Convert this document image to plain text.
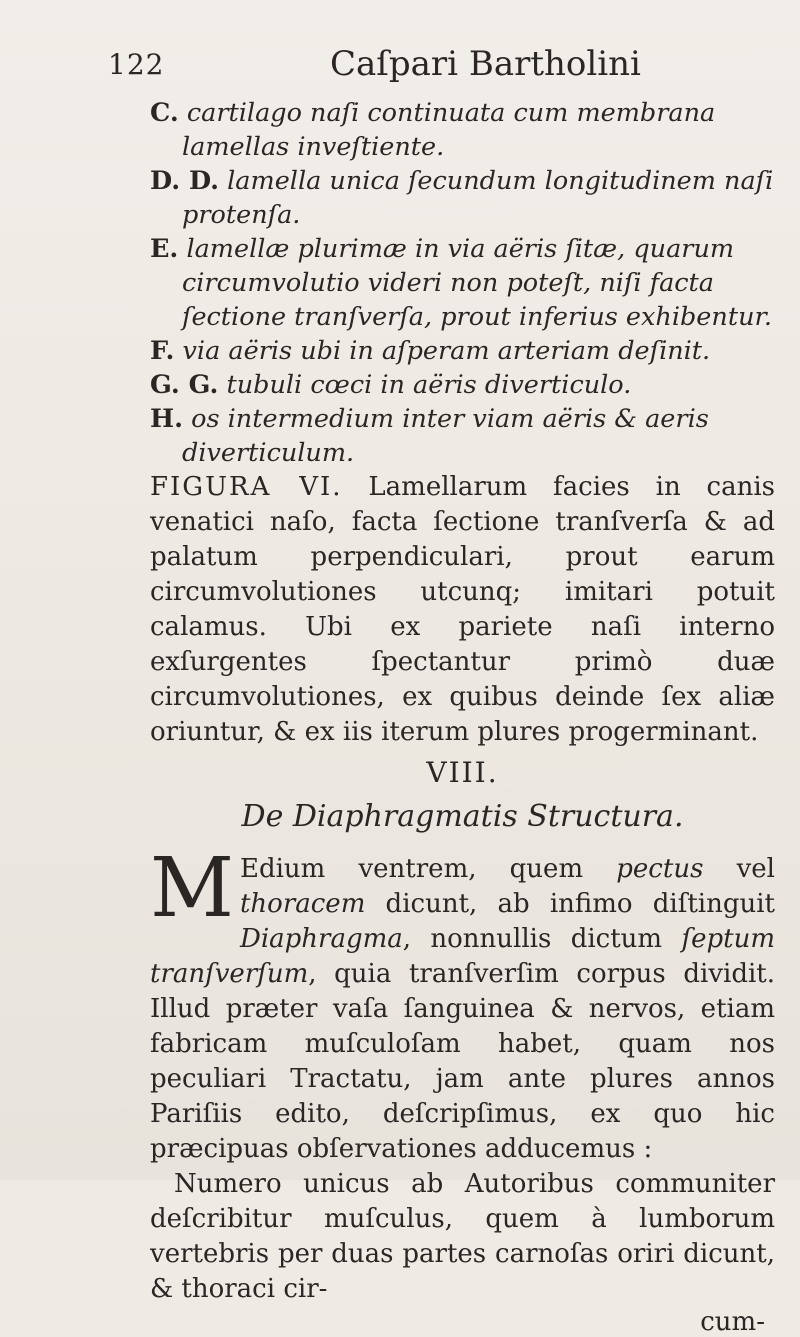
122	Caſpari Bartholini

C. cartilago naſi continuata cum membrana lamellas inveſtiente.

D. D. lamella unica ſecundum longitudinem naſi protenſa.

E. lamellæ plurimæ in via aëris ſitæ, quarum circumvolutio videri non poteſt, niſi facta ſectione tranſverſa, prout inferius exhibentur.

F. via aëris ubi in aſperam arteriam deſinit.

G. G. tubuli cœci in aëris diverticulo.

H. os intermedium inter viam aëris & aeris diverticulum.

FIGURA VI. Lamellarum facies in canis venatici naſo, facta ſectione tranſverſa & ad palatum perpendiculari, prout earum circumvolutiones utcunq; imitari potuit calamus. Ubi ex pariete naſi interno exſurgentes ſpectantur primò duæ circumvolutiones, ex quibus deinde ſex aliæ oriuntur, & ex iis iterum plures progerminant.

VIII.
De Diaphragmatis Structura.

M Edium ventrem, quem pectus vel thoracem dicunt, ab infimo diſtinguit Diaphragma, nonnullis dictum ſeptum tranſverſum, quia tranſverſim corpus dividit. Illud præter vaſa ſanguinea & nervos, etiam fabricam muſculoſam habet, quam nos peculiari Tractatu, jam ante plures annos Pariſiis edito, deſcripſimus, ex quo hic præcipuas obſervationes adducemus :

Numero unicus ab Autoribus communiter deſcribitur muſculus, quem à lumborum vertebris per duas partes carnoſas oriri dicunt, & thoraci cir-

cum-
